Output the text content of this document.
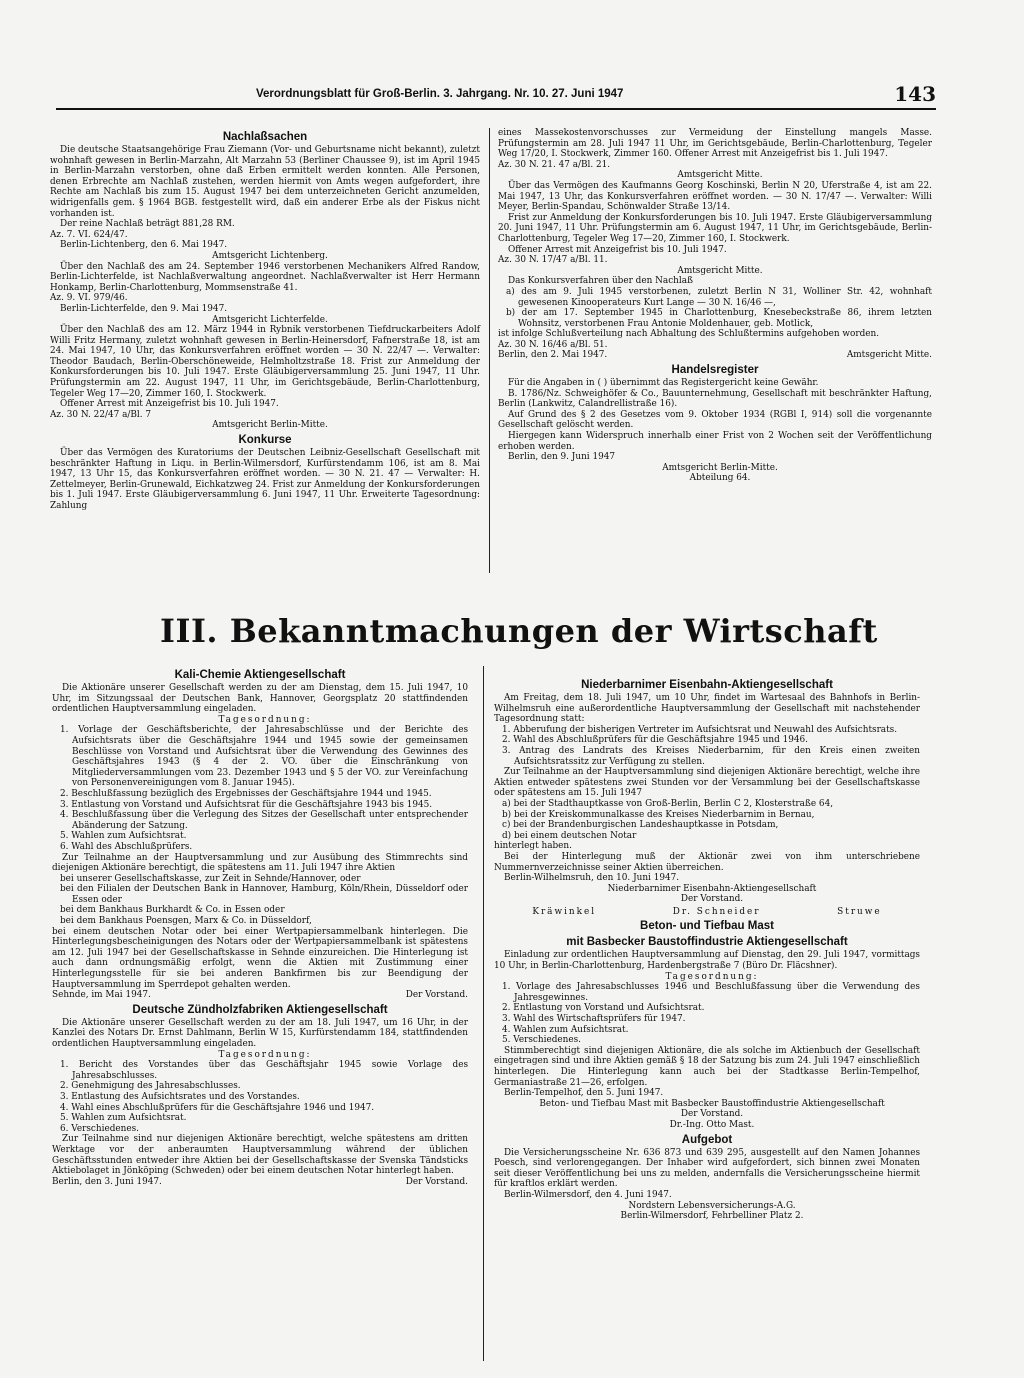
Verordnungsblatt für Groß-Berlin. 3. Jahrgang. Nr. 10. 27. Juni 1947	143
Nachlaßsachen

Die deutsche Staatsangehörige Frau Ziemann (Vor- und Geburtsname nicht bekannt), zuletzt wohnhaft gewesen in Berlin-Marzahn, Alt Marzahn 53 (Berliner Chaussee 9), ist im April 1945 in Berlin-Marzahn verstorben, ohne daß Erben ermittelt werden konnten. Alle Personen, denen Erbrechte am Nachlaß zustehen, werden hiermit von Amts wegen aufgefordert, ihre Rechte am Nachlaß bis zum 15. August 1947 bei dem unterzeichneten Gericht anzumelden, widrigenfalls gem. § 1964 BGB. festgestellt wird, daß ein anderer Erbe als der Fiskus nicht vorhanden ist.

Der reine Nachlaß beträgt 881,28 RM.

Az. 7. VI. 624/47.

Berlin-Lichtenberg, den 6. Mai 1947.

Amtsgericht Lichtenberg.

Über den Nachlaß des am 24. September 1946 verstorbenen Mechanikers Alfred Randow, Berlin-Lichterfelde, ist Nachlaßverwaltung angeordnet. Nachlaßverwalter ist Herr Hermann Honkamp, Berlin-Charlottenburg, Mommsenstraße 41.

Az. 9. VI. 979/46.

Berlin-Lichterfelde, den 9. Mai 1947.

Amtsgericht Lichterfelde.

Über den Nachlaß des am 12. März 1944 in Rybnik verstorbenen Tiefdruckarbeiters Adolf Willi Fritz Hermany, zuletzt wohnhaft gewesen in Berlin-Heinersdorf, Fafnerstraße 18, ist am 24. Mai 1947, 10 Uhr, das Konkursverfahren eröffnet worden — 30 N. 22/47 —. Verwalter: Theodor Baudach, Berlin-Oberschöneweide, Helmholtzstraße 18. Frist zur Anmeldung der Konkursforderungen bis 10. Juli 1947. Erste Gläubigerversammlung 25. Juni 1947, 11 Uhr. Prüfungstermin am 22. August 1947, 11 Uhr, im Gerichtsgebäude, Berlin-Charlottenburg, Tegeler Weg 17—20, Zimmer 160, I. Stockwerk.

Offener Arrest mit Anzeigefrist bis 10. Juli 1947.

Az. 30 N. 22/47 a/Bl. 7

Amtsgericht Berlin-Mitte.

Konkurse

Über das Vermögen des Kuratoriums der Deutschen Leibniz-Gesellschaft Gesellschaft mit beschränkter Haftung in Liqu. in Berlin-Wilmersdorf, Kurfürstendamm 106, ist am 8. Mai 1947, 13 Uhr 15, das Konkursverfahren eröffnet worden. — 30 N. 21. 47 — Verwalter: H. Zettelmeyer, Berlin-Grunewald, Eichkatzweg 24. Frist zur Anmeldung der Konkursforderungen bis 1. Juli 1947. Erste Gläubigerversammlung 6. Juni 1947, 11 Uhr. Erweiterte Tagesordnung: Zahlung

eines Massekostenvorschusses zur Vermeidung der Einstellung mangels Masse. Prüfungstermin am 28. Juli 1947 11 Uhr, im Gerichtsgebäude, Berlin-Charlottenburg, Tegeler Weg 17/20, I. Stockwerk, Zimmer 160. Offener Arrest mit Anzeigefrist bis 1. Juli 1947.

Az. 30 N. 21. 47 a/Bl. 21.

Amtsgericht Mitte.

Über das Vermögen des Kaufmanns Georg Koschinski, Berlin N 20, Uferstraße 4, ist am 22. Mai 1947, 13 Uhr, das Konkursverfahren eröffnet worden. — 30 N. 17/47 —. Verwalter: Willi Meyer, Berlin-Spandau, Schönwalder Straße 13/14.

Frist zur Anmeldung der Konkursforderungen bis 10. Juli 1947. Erste Gläubigerversammlung 20. Juni 1947, 11 Uhr. Prüfungstermin am 6. August 1947, 11 Uhr, im Gerichtsgebäude, Berlin-Charlottenburg, Tegeler Weg 17—20, Zimmer 160, I. Stockwerk.

Offener Arrest mit Anzeigefrist bis 10. Juli 1947.

Az. 30 N. 17/47 a/Bl. 11.

Amtsgericht Mitte.

Das Konkursverfahren über den Nachlaß

a) des am 9. Juli 1945 verstorbenen, zuletzt Berlin N 31, Wolliner Str. 42, wohnhaft gewesenen Kinooperateurs Kurt Lange — 30 N. 16/46 —,

b) der am 17. September 1945 in Charlottenburg, Knesebeckstraße 86, ihrem letzten Wohnsitz, verstorbenen Frau Antonie Moldenhauer, geb. Motlick,

ist infolge Schlußverteilung nach Abhaltung des Schlußtermins aufgehoben worden.

Az. 30 N. 16/46 a/Bl. 51.

Berlin, den 2. Mai 1947.	Amtsgericht Mitte.
Handelsregister

Für die Angaben in ( ) übernimmt das Registergericht keine Gewähr.

B. 1786/Nz. Schweighöfer & Co., Bauunternehmung, Gesellschaft mit beschränkter Haftung, Berlin (Lankwitz, Calandrellistraße 16).

Auf Grund des § 2 des Gesetzes vom 9. Oktober 1934 (RGBl I, 914) soll die vorgenannte Gesellschaft gelöscht werden.

Hiergegen kann Widerspruch innerhalb einer Frist von 2 Wochen seit der Veröffentlichung erhoben werden.

Berlin, den 9. Juni 1947

Amtsgericht Berlin-Mitte.

Abteilung 64.

III. Bekanntmachungen der Wirtschaft
Kali-Chemie Aktiengesellschaft

Die Aktionäre unserer Gesellschaft werden zu der am Dienstag, dem 15. Juli 1947, 10 Uhr, im Sitzungssaal der Deutschen Bank, Hannover, Georgsplatz 20 stattfindenden ordentlichen Hauptversammlung eingeladen.

Tagesordnung:

1. Vorlage der Geschäftsberichte, der Jahresabschlüsse und der Berichte des Aufsichtsrats über die Geschäftsjahre 1944 und 1945 sowie der gemeinsamen Beschlüsse von Vorstand und Aufsichtsrat über die Verwendung des Gewinnes des Geschäftsjahres 1943 (§ 4 der 2. VO. über die Einschränkung von Mitgliederversammlungen vom 23. Dezember 1943 und § 5 der VO. zur Vereinfachung von Personenvereinigungen vom 8. Januar 1945).

2. Beschlußfassung bezüglich des Ergebnisses der Geschäftsjahre 1944 und 1945.

3. Entlastung von Vorstand und Aufsichtsrat für die Geschäftsjahre 1943 bis 1945.

4. Beschlußfassung über die Verlegung des Sitzes der Gesellschaft unter entsprechender Abänderung der Satzung.

5. Wahlen zum Aufsichtsrat.

6. Wahl des Abschlußprüfers.

Zur Teilnahme an der Hauptversammlung und zur Ausübung des Stimmrechts sind diejenigen Aktionäre berechtigt, die spätestens am 11. Juli 1947 ihre Aktien

bei unserer Gesellschaftskasse, zur Zeit in Sehnde/Hannover, oder

bei den Filialen der Deutschen Bank in Hannover, Hamburg, Köln/Rhein, Düsseldorf oder Essen oder

bei dem Bankhaus Burkhardt & Co. in Essen oder

bei dem Bankhaus Poensgen, Marx & Co. in Düsseldorf,

bei einem deutschen Notar oder bei einer Wertpapiersammelbank hinterlegen. Die Hinterlegungsbescheinigungen des Notars oder der Wertpapiersammelbank ist spätestens am 12. Juli 1947 bei der Gesellschaftskasse in Sehnde einzureichen. Die Hinterlegung ist auch dann ordnungsmäßig erfolgt, wenn die Aktien mit Zustimmung einer Hinterlegungsstelle für sie bei anderen Bankfirmen bis zur Beendigung der Hauptversammlung im Sperrdepot gehalten werden.

Sehnde, im Mai 1947.	Der Vorstand.
Deutsche Zündholzfabriken Aktiengesellschaft

Die Aktionäre unserer Gesellschaft werden zu der am 18. Juli 1947, um 16 Uhr, in der Kanzlei des Notars Dr. Ernst Dahlmann, Berlin W 15, Kurfürstendamm 184, stattfindenden ordentlichen Hauptversammlung eingeladen.

Tagesordnung:

1. Bericht des Vorstandes über das Geschäftsjahr 1945 sowie Vorlage des Jahresabschlusses.

2. Genehmigung des Jahresabschlusses.

3. Entlastung des Aufsichtsrates und des Vorstandes.

4. Wahl eines Abschlußprüfers für die Geschäftsjahre 1946 und 1947.

5. Wahlen zum Aufsichtsrat.

6. Verschiedenes.

Zur Teilnahme sind nur diejenigen Aktionäre berechtigt, welche spätestens am dritten Werktage vor der anberaumten Hauptversammlung während der üblichen Geschäftsstunden entweder ihre Aktien bei der Gesellschaftskasse der Svenska Tändsticks Aktiebolaget in Jönköping (Schweden) oder bei einem deutschen Notar hinterlegt haben.

Berlin, den 3. Juni 1947.	Der Vorstand.
Niederbarnimer Eisenbahn-Aktiengesellschaft

Am Freitag, dem 18. Juli 1947, um 10 Uhr, findet im Wartesaal des Bahnhofs in Berlin-Wilhelmsruh eine außerordentliche Hauptversammlung der Gesellschaft mit nachstehender Tagesordnung statt:

1. Abberufung der bisherigen Vertreter im Aufsichtsrat und Neuwahl des Aufsichtsrats.

2. Wahl des Abschlußprüfers für die Geschäftsjahre 1945 und 1946.

3. Antrag des Landrats des Kreises Niederbarnim, für den Kreis einen zweiten Aufsichtsratssitz zur Verfügung zu stellen.

Zur Teilnahme an der Hauptversammlung sind diejenigen Aktionäre berechtigt, welche ihre Aktien entweder spätestens zwei Stunden vor der Versammlung bei der Gesellschaftskasse oder spätestens am 15. Juli 1947

a) bei der Stadthauptkasse von Groß-Berlin, Berlin C 2, Klosterstraße 64,

b) bei der Kreiskommunalkasse des Kreises Niederbarnim in Bernau,

c) bei der Brandenburgischen Landeshauptkasse in Potsdam,

d) bei einem deutschen Notar

hinterlegt haben.

Bei der Hinterlegung muß der Aktionär zwei von ihm unterschriebene Nummernverzeichnisse seiner Aktien überreichen.

Berlin-Wilhelmsruh, den 10. Juni 1947.

Niederbarnimer Eisenbahn-Aktiengesellschaft

Der Vorstand.

Kräwinkel	Dr. Schneider	Struwe
Beton- und Tiefbau Mast
mit Basbecker Baustoffindustrie Aktiengesellschaft

Einladung zur ordentlichen Hauptversammlung auf Dienstag, den 29. Juli 1947, vormittags 10 Uhr, in Berlin-Charlottenburg, Hardenbergstraße 7 (Büro Dr. Fläcshner).

Tagesordnung:

1. Vorlage des Jahresabschlusses 1946 und Beschlußfassung über die Verwendung des Jahresgewinnes.

2. Entlastung von Vorstand und Aufsichtsrat.

3. Wahl des Wirtschaftsprüfers für 1947.

4. Wahlen zum Aufsichtsrat.

5. Verschiedenes.

Stimmberechtigt sind diejenigen Aktionäre, die als solche im Aktienbuch der Gesellschaft eingetragen sind und ihre Aktien gemäß § 18 der Satzung bis zum 24. Juli 1947 einschließlich hinterlegen. Die Hinterlegung kann auch bei der Stadtkasse Berlin-Tempelhof, Germaniastraße 21—26, erfolgen.

Berlin-Tempelhof, den 5. Juni 1947.

Beton- und Tiefbau Mast mit Basbecker Baustoffindustrie Aktiengesellschaft

Der Vorstand.

Dr.-Ing. Otto Mast.

Aufgebot

Die Versicherungsscheine Nr. 636 873 und 639 295, ausgestellt auf den Namen Johannes Poesch, sind verlorengegangen. Der Inhaber wird aufgefordert, sich binnen zwei Monaten seit dieser Veröffentlichung bei uns zu melden, andernfalls die Versicherungsscheine hiermit für kraftlos erklärt werden.

Berlin-Wilmersdorf, den 4. Juni 1947.

Nordstern Lebensversicherungs-A.G.

Berlin-Wilmersdorf, Fehrbelliner Platz 2.
